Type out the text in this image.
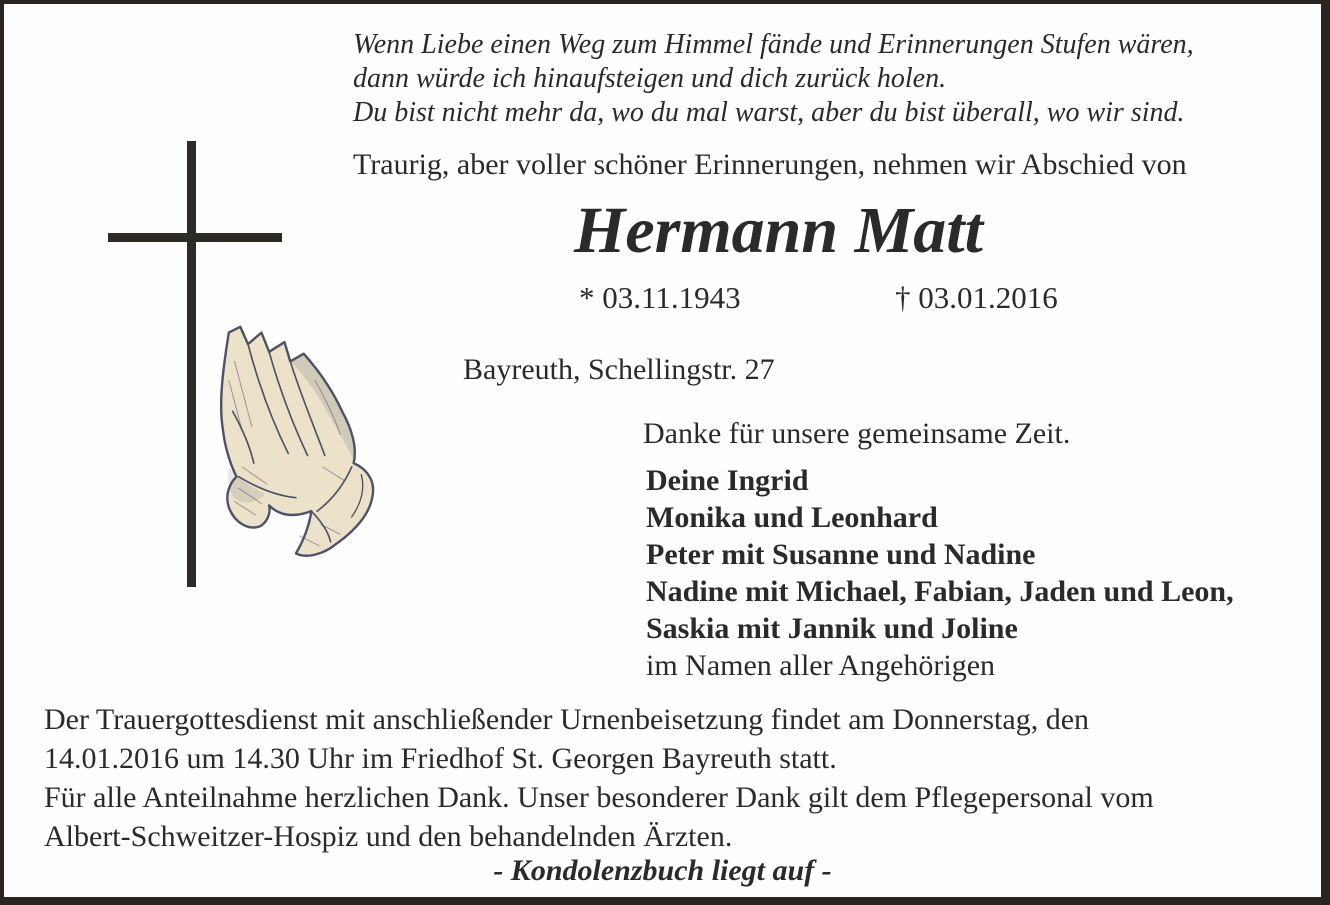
Wenn Liebe einen Weg zum Himmel fände und Erinnerungen Stufen wären,
dann würde ich hinaufsteigen und dich zurück holen.
Du bist nicht mehr da, wo du mal warst, aber du bist überall, wo wir sind.
Traurig, aber voller schöner Erinnerungen, nehmen wir Abschied von
Hermann Matt
* 03.11.1943	† 03.01.2016
Bayreuth, Schellingstr. 27
Danke für unsere gemeinsame Zeit.
Deine Ingrid
Monika und Leonhard
Peter mit Susanne und Nadine
Nadine mit Michael, Fabian, Jaden und Leon,
Saskia mit Jannik und Joline
im Namen aller Angehörigen
Der Trauergottesdienst mit anschließender Urnenbeisetzung findet am Donnerstag, den
14.01.2016 um 14.30 Uhr im Friedhof St. Georgen Bayreuth statt.
Für alle Anteilnahme herzlichen Dank. Unser besonderer Dank gilt dem Pflegepersonal vom
Albert-Schweitzer-Hospiz und den behandelnden Ärzten.
- Kondolenzbuch liegt auf -
